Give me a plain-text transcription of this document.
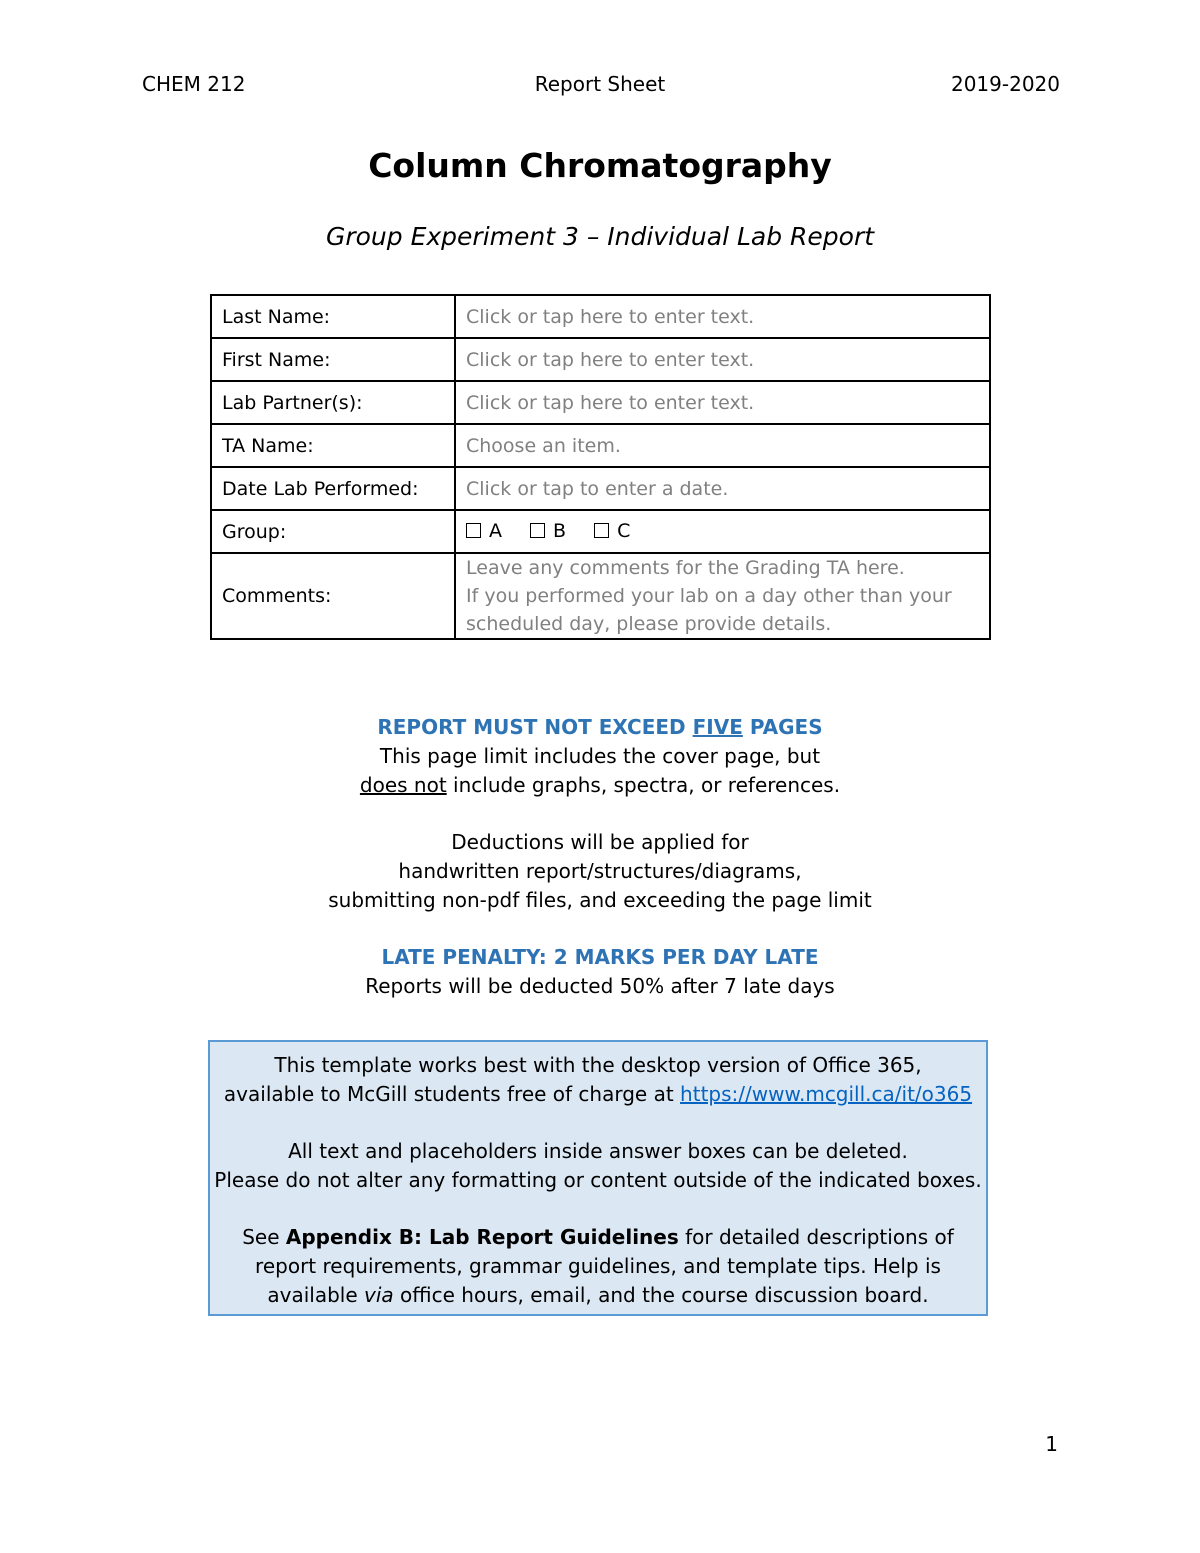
CHEM 212	Report Sheet	2019-2020
Column Chromatography
Group Experiment 3 – Individual Lab Report
Last Name:	Click or tap here to enter text.
First Name:	Click or tap here to enter text.
Lab Partner(s):	Click or tap here to enter text.
TA Name:	Choose an item.
Date Lab Performed:	Click or tap to enter a date.
Group:	A
B
C

Comments:	Leave any comments for the Grading TA here.
If you performed your lab on a day other than your
scheduled day, please provide details.
REPORT MUST NOT EXCEED FIVE PAGES
This page limit includes the cover page, but
does not include graphs, spectra, or references.
Deductions will be applied for
handwritten report/structures/diagrams,
submitting non-pdf files, and exceeding the page limit
LATE PENALTY: 2 MARKS PER DAY LATE
Reports will be deducted 50% after 7 late days

This template works best with the desktop version of Office 365,
available to McGill students free of charge at https://www.mcgill.ca/it/o365

All text and placeholders inside answer boxes can be deleted.
Please do not alter any formatting or content outside of the indicated boxes.

See Appendix B: Lab Report Guidelines for detailed descriptions of report requirements, grammar guidelines, and template tips. Help is available via office hours, email, and the course discussion board.

1
